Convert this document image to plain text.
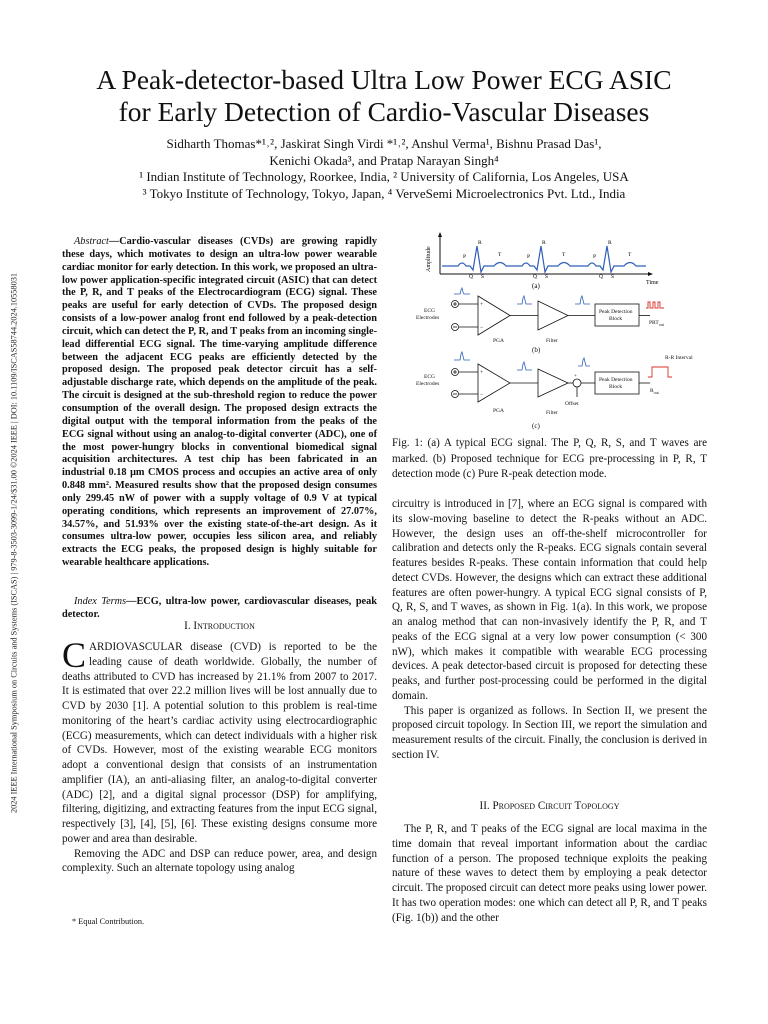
2024 IEEE International Symposium on Circuits and Systems (ISCAS) | 979-8-3503-3099-1/24/$31.00 ©2024 IEEE | DOI: 10.1109/ISCAS58744.2024.10558031
A Peak-detector-based Ultra Low Power ECG ASIC
for Early Detection of Cardio-Vascular Diseases
Sidharth Thomas*¹˒², Jaskirat Singh Virdi *¹˒², Anshul Verma¹, Bishnu Prasad Das¹,
Kenichi Okada³, and Pratap Narayan Singh⁴
¹ Indian Institute of Technology, Roorkee, India, ² University of California, Los Angeles, USA
³ Tokyo Institute of Technology, Tokyo, Japan, ⁴ VerveSemi Microelectronics Pvt. Ltd., India

Abstract—Cardio-vascular diseases (CVDs) are growing rapidly these days, which motivates to design an ultra-low power wearable cardiac monitor for early detection. In this work, we proposed an ultra-low power application-specific integrated circuit (ASIC) that can detect the P, R, and T peaks of the Electrocardiogram (ECG) signal. These peaks are useful for early detection of CVDs. The proposed design consists of a low-power analog front end followed by a peak-detection circuit, which can detect the P, R, and T peaks from an incoming single-lead differential ECG signal. The time-varying amplitude difference between the adjacent ECG peaks are efficiently detected by the proposed design. The proposed peak detector circuit has a self-adjustable discharge rate, which depends on the amplitude of the peak. The circuit is designed at the sub-threshold region to reduce the power consumption of the overall design. The proposed design extracts the digital output with the temporal information from the peaks of the ECG signal without using an analog-to-digital converter (ADC), one of the most power-hungry blocks in conventional biomedical signal acquisition architectures. A test chip has been fabricated in an industrial 0.18 μm CMOS process and occupies an active area of only 0.848 mm². Measured results show that the proposed design consumes only 299.45 nW of power with a supply voltage of 0.9 V at typical operating conditions, which represents an improvement of 27.07%, 34.57%, and 51.93% over the existing state-of-the-art design. As it consumes ultra-low power, occupies less silicon area, and reliably extracts the ECG peaks, the proposed design is highly suitable for wearable healthcare applications.

Index Terms—ECG, ultra-low power, cardiovascular diseases, peak detector.

I. Introduction

CARDIOVASCULAR disease (CVD) is reported to be the leading cause of death worldwide. Globally, the number of deaths attributed to CVD has increased by 21.1% from 2007 to 2017. It is estimated that over 22.2 million lives will be lost annually due to CVD by 2030 [1]. A potential solution to this problem is real-time monitoring of the heart’s cardiac activity using electrocardiographic (ECG) measurements, which can detect individuals with a higher risk of CVDs. However, most of the existing wearable ECG monitors adopt a conventional design that consists of an instrumentation amplifier (IA), an anti-aliasing filter, an analog-to-digital converter (ADC) [2], and a digital signal processor (DSP) for amplifying, filtering, digitizing, and extracting features from the input ECG signal, respectively [3], [4], [5], [6]. These existing designs consume more power and area than desirable.

Removing the ADC and DSP can reduce power, area, and design complexity. Such an alternate topology using analog

* Equal Contribution.
Amplitude
Time
P
Q
R
S
T	P
Q
R
S
T	P
Q
R
S
T
(a)
ECG
Electrodes
+
−
Peak Detection
Block
$PRT_{out}$
PGA	Filter
(b)
R-R Interval
ECG
Electrodes
+
−
+
Offset
Peak Detection
Block
$R_{out}$
PGA	Filter
(c)
Fig. 1: (a) A typical ECG signal. The P, Q, R, S, and T waves are marked. (b) Proposed technique for ECG pre-processing in P, R, T detection mode (c) Pure R-peak detection mode.

circuitry is introduced in [7], where an ECG signal is compared with its slow-moving baseline to detect the R-peaks without an ADC. However, the design uses an off-the-shelf microcontroller for calibration and detects only the R-peaks. ECG signals contain several features besides R-peaks. These contain information that could help detect CVDs. However, the designs which can extract these additional features are often power-hungry. A typical ECG signal consists of P, Q, R, S, and T waves, as shown in Fig. 1(a). In this work, we propose an analog method that can non-invasively identify the P, R, and T peaks of the ECG signal at a very low power consumption (< 300 nW), which makes it compatible with wearable ECG processing devices. A peak detector-based circuit is proposed for detecting these peaks, and further post-processing could be performed in the digital domain.

This paper is organized as follows. In Section II, we present the proposed circuit topology. In Section III, we report the simulation and measurement results of the circuit. Finally, the conclusion is derived in section IV.

II. Proposed Circuit Topology

The P, R, and T peaks of the ECG signal are local maxima in the time domain that reveal important information about the cardiac function of a person. The proposed technique exploits the peaking nature of these waves to detect them by employing a peak detector circuit. The proposed circuit can detect more peaks using lower power. It has two operation modes: one which can detect all P, R, and T peaks (Fig. 1(b)) and the other
